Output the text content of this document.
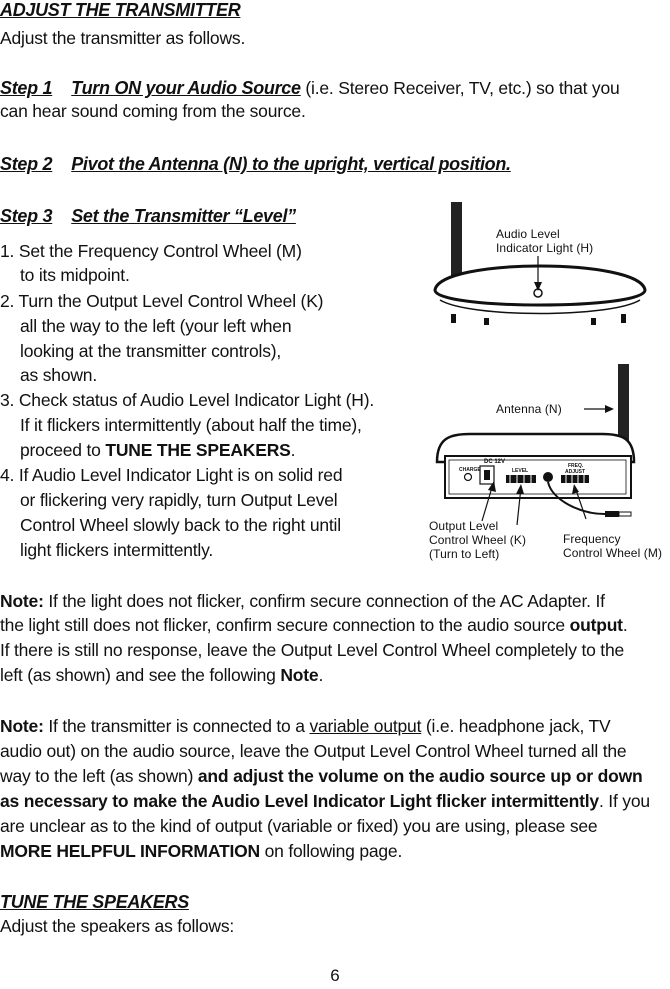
ADJUST THE TRANSMITTER
Adjust the transmitter as follows.
Step 1 Turn ON your Audio Source (i.e. Stereo Receiver, TV, etc.) so that you
can hear sound coming from the source.
Step 2 Pivot the Antenna (N) to the upright, vertical position.
Step 3 Set the Transmitter “Level”
1. Set the Frequency Control Wheel (M)
to its midpoint.
2. Turn the Output Level Control Wheel (K)
all the way to the left (your left when
looking at the transmitter controls),
as shown.
3. Check status of Audio Level Indicator Light (H).
If it flickers intermittently (about half the time),
proceed to TUNE THE SPEAKERS.
4. If Audio Level Indicator Light is on solid red
or flickering very rapidly, turn Output Level
Control Wheel slowly back to the right until
light flickers intermittently.
Audio Level
Indicator Light (H)
Antenna (N)
DC 12V
CHARGE	LEVEL
FREQ.
ADJUST
Output Level
Control Wheel (K)
(Turn to Left)
Frequency
Control Wheel (M)
Note: If the light does not flicker, confirm secure connection of the AC Adapter. If
the light still does not flicker, confirm secure connection to the audio source output.
If there is still no response, leave the Output Level Control Wheel completely to the
left (as shown) and see the following Note.
Note: If the transmitter is connected to a variable output (i.e. headphone jack, TV
audio out) on the audio source, leave the Output Level Control Wheel turned all the
way to the left (as shown) and adjust the volume on the audio source up or down
as necessary to make the Audio Level Indicator Light flicker intermittently. If you
are unclear as to the kind of output (variable or fixed) you are using, please see
MORE HELPFUL INFORMATION on following page.
TUNE THE SPEAKERS
Adjust the speakers as follows:
6
